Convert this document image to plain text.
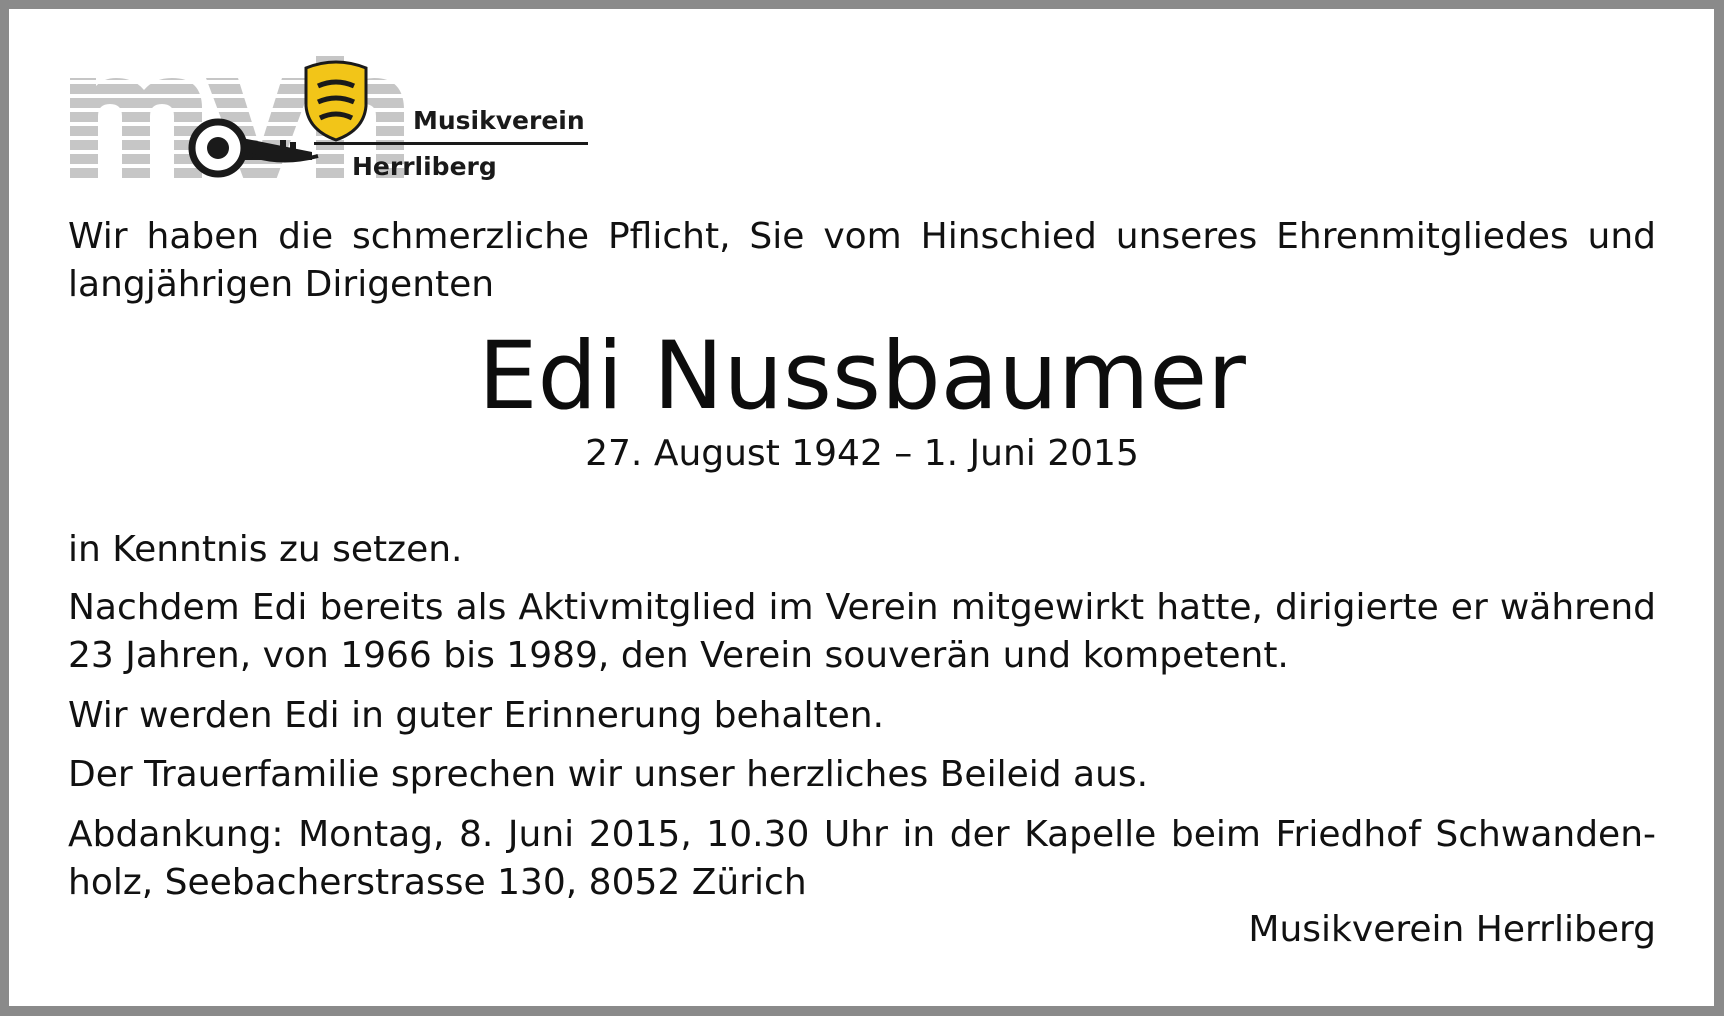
Musikverein
Herrliberg
Wir haben die schmerzliche Pflicht, Sie vom Hinschied unseres Ehrenmitgliedes und langjährigen Dirigenten
Edi Nussbaumer
27. August 1942 – 1. Juni 2015
in Kenntnis zu setzen.
Nachdem Edi bereits als Aktivmitglied im Verein mitgewirkt hatte, dirigierte er während 23 Jahren, von 1966 bis 1989, den Verein souverän und kompetent.
Wir werden Edi in guter Erinnerung behalten.
Der Trauerfamilie sprechen wir unser herzliches Beileid aus.
Abdankung: Montag, 8. Juni 2015, 10.30 Uhr in der Kapelle beim Friedhof Schwanden-holz, Seebacherstrasse 130, 8052 Zürich
Musikverein Herrliberg
